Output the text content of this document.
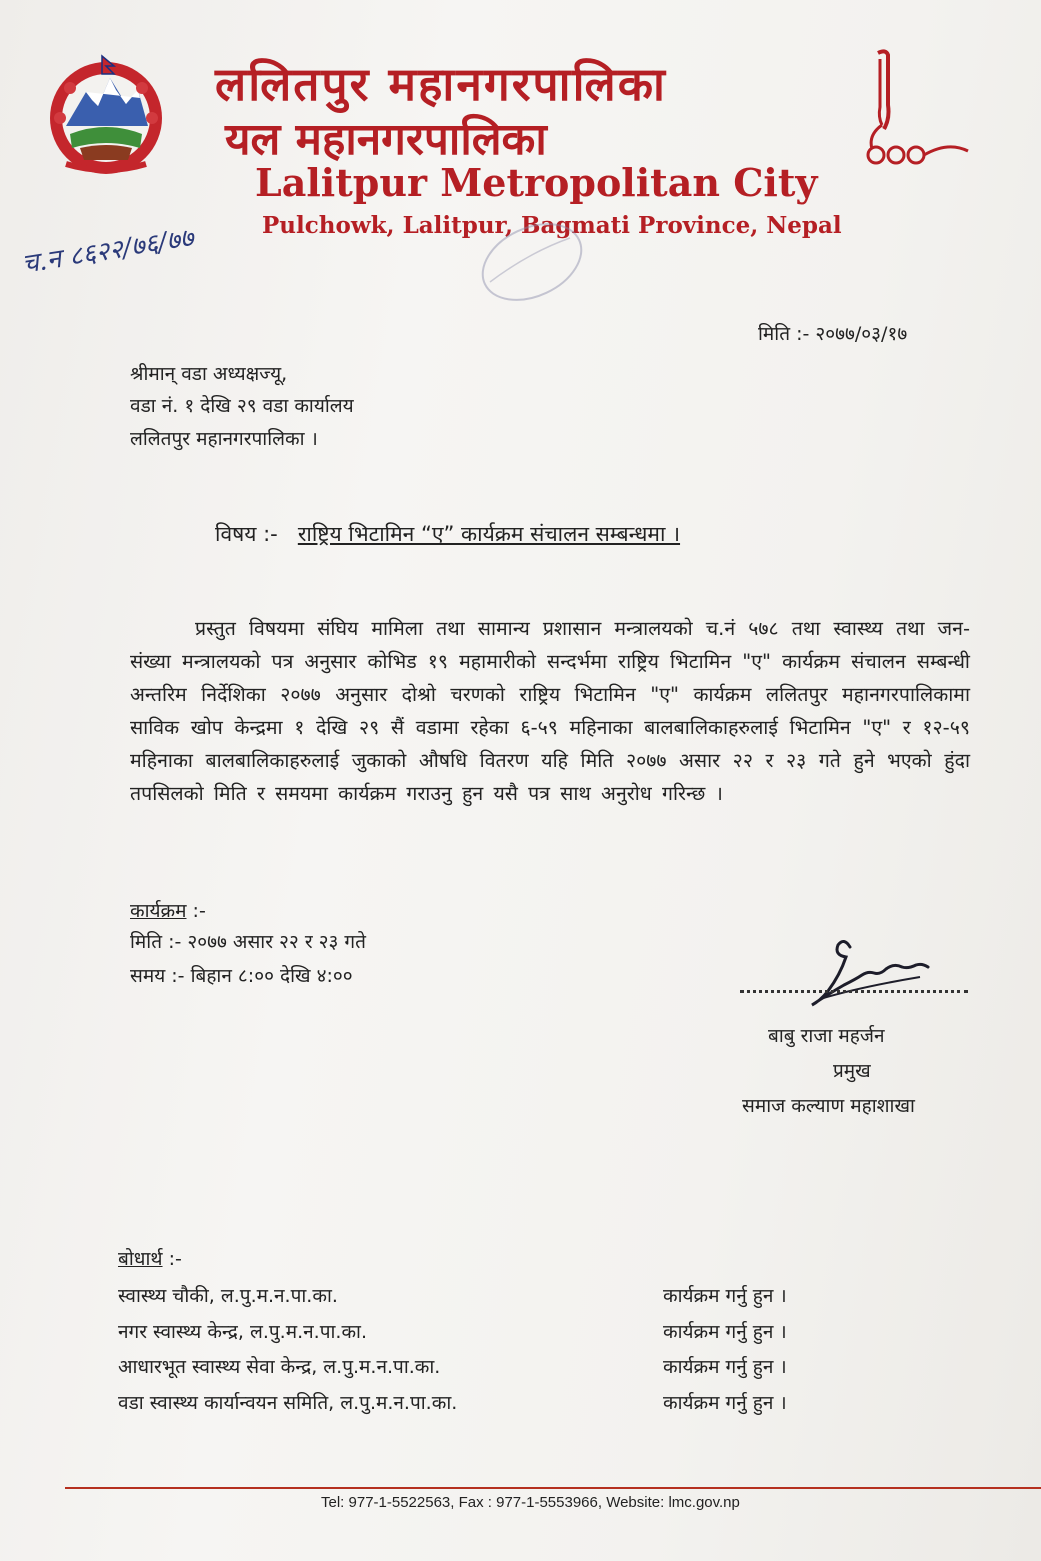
ललितपुर महानगरपालिका
यल महानगरपालिका
Lalitpur Metropolitan City
Pulchowk, Lalitpur, Bagmati Province, Nepal
च.न ८६२२/७६/७७
मिति :- २०७७/०३/१७
श्रीमान् वडा अध्यक्षज्यू,
वडा नं. १ देखि २९ वडा कार्यालय
ललितपुर महानगरपालिका ।
विषय :- राष्ट्रिय भिटामिन “ए” कार्यक्रम संचालन सम्बन्धमा ।
प्रस्तुत विषयमा संघिय मामिला तथा सामान्य प्रशासान मन्त्रालयको च.नं ५७८ तथा स्वास्थ्य तथा जन-संख्या मन्त्रालयको पत्र अनुसार कोभिड १९ महामारीको सन्दर्भमा राष्ट्रिय भिटामिन "ए" कार्यक्रम संचालन सम्बन्धी अन्तरिम निर्देशिका २०७७ अनुसार दोश्रो चरणको राष्ट्रिय भिटामिन "ए" कार्यक्रम ललितपुर महानगरपालिकामा साविक खोप केन्द्रमा १ देखि २९ सैं वडामा रहेका ६-५९ महिनाका बालबालिकाहरुलाई भिटामिन "ए" र १२-५९ महिनाका बालबालिकाहरुलाई जुकाको औषधि वितरण यहि मिति २०७७ असार २२ र २३ गते हुने भएको हुंदा तपसिलको मिति र समयमा कार्यक्रम गराउनु हुन यसै पत्र साथ अनुरोध गरिन्छ ।
कार्यक्रम :-
मिति :- २०७७ असार २२ र २३ गते
समय :- बिहान ८:०० देखि ४:००
बाबु राजा महर्जन
प्रमुख
समाज कल्याण महाशाखा
बोधार्थ :-
स्वास्थ्य चौकी, ल.पु.म.न.पा.का.	कार्यक्रम गर्नु हुन ।
नगर स्वास्थ्य केन्द्र, ल.पु.म.न.पा.का.	कार्यक्रम गर्नु हुन ।
आधारभूत स्वास्थ्य सेवा केन्द्र, ल.पु.म.न.पा.का.	कार्यक्रम गर्नु हुन ।
वडा स्वास्थ्य कार्यान्वयन समिति, ल.पु.म.न.पा.का.	कार्यक्रम गर्नु हुन ।
Tel: 977-1-5522563, Fax : 977-1-5553966, Website: lmc.gov.np
